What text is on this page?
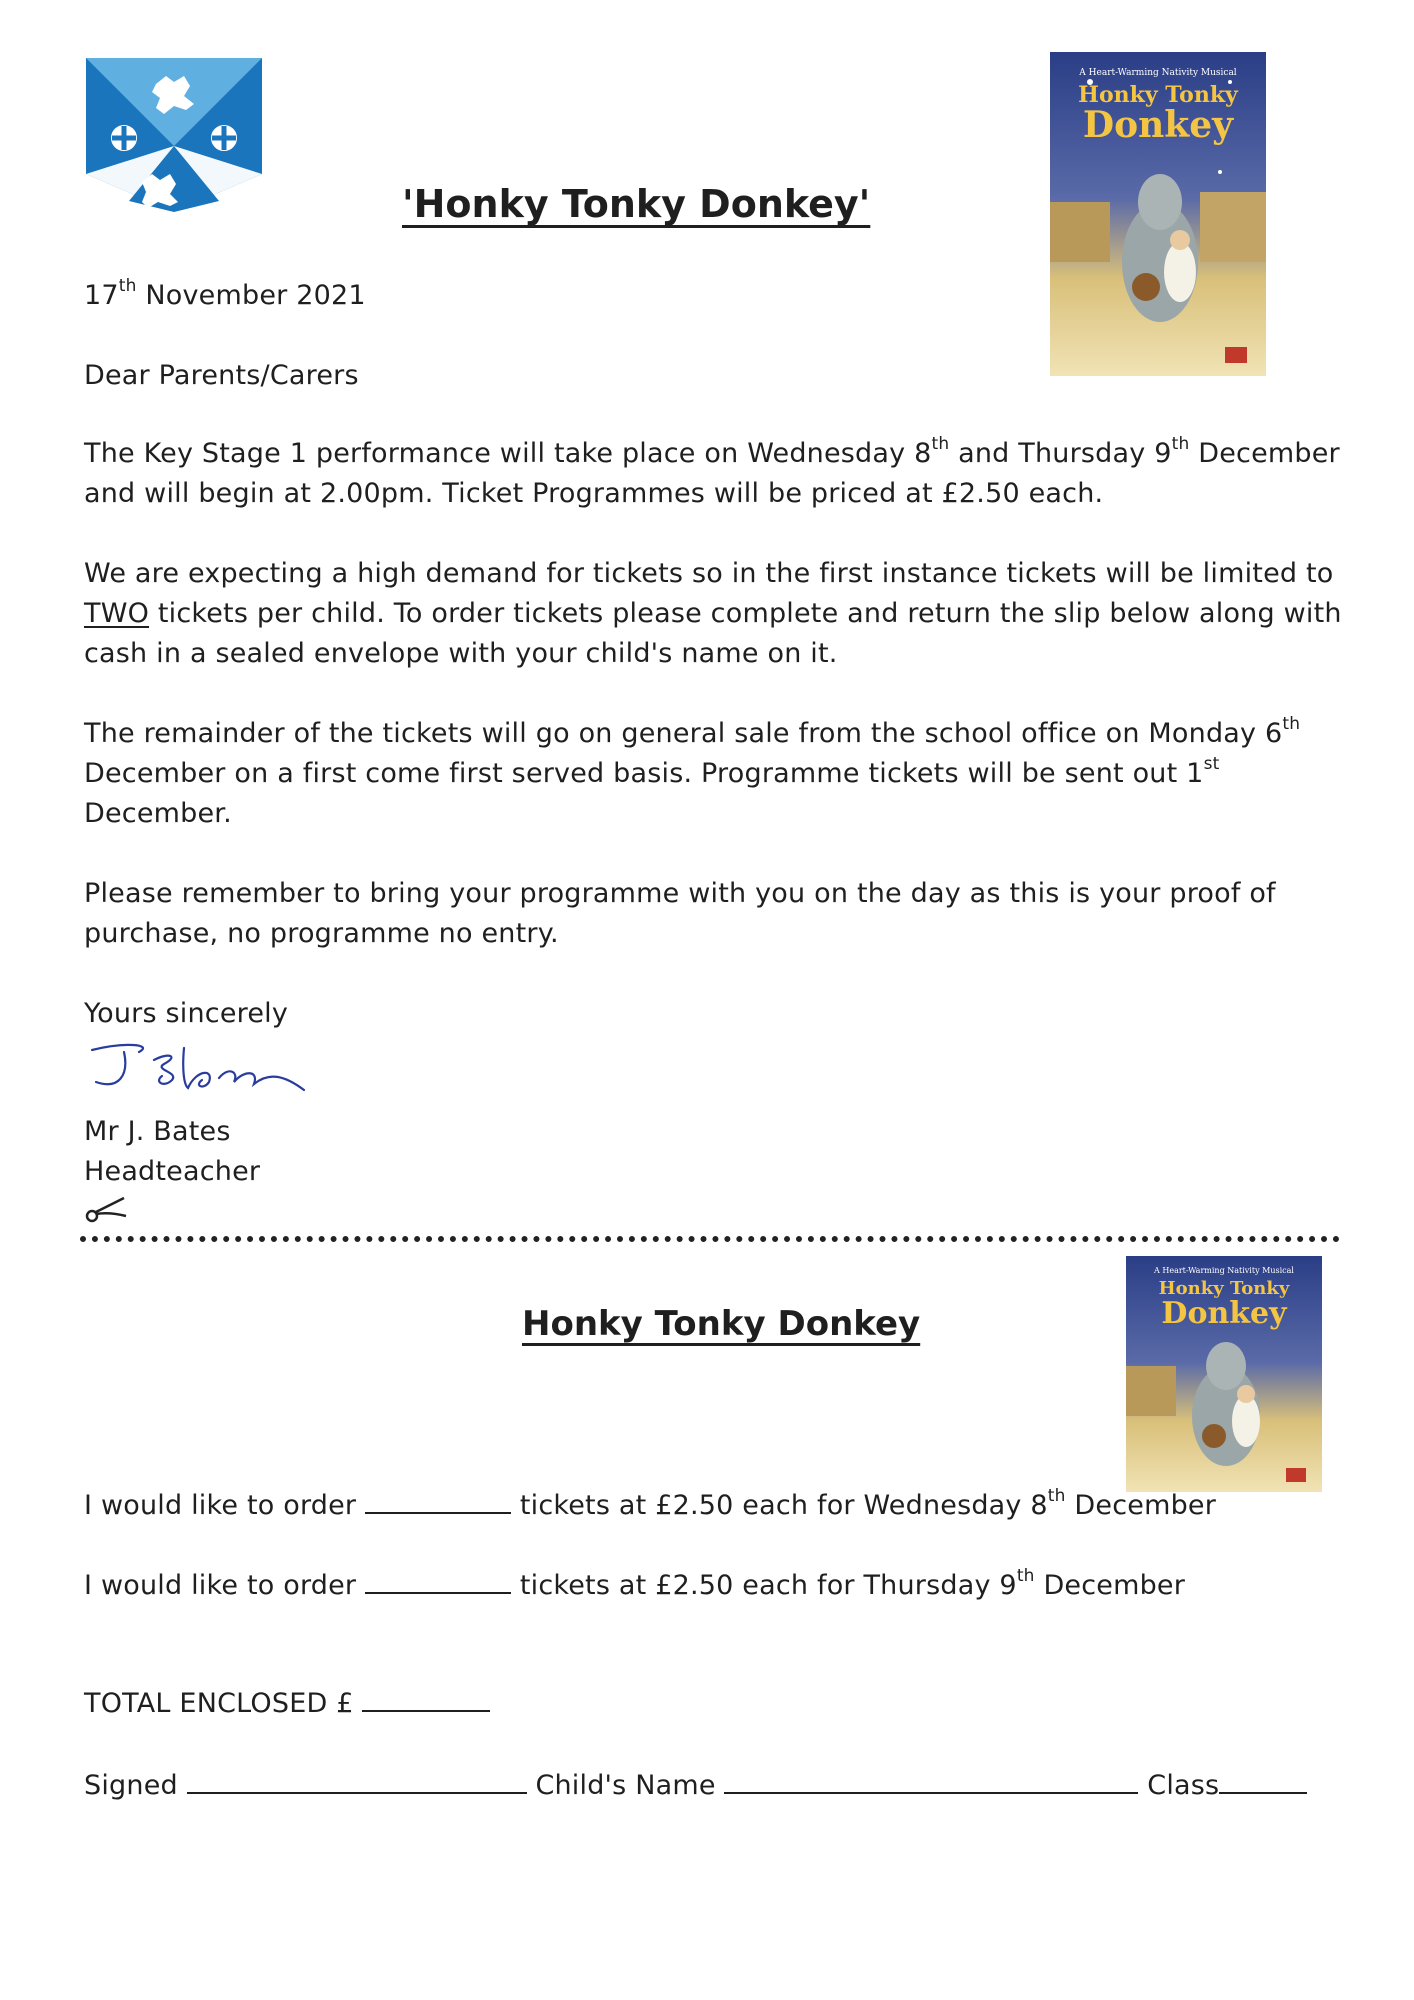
'Honky Tonky Donkey'
A Heart-Warming Nativity Musical
Honky Tonky
Donkey
17th November 2021
Dear Parents/Carers
The Key Stage 1 performance will take place on Wednesday 8th and Thursday 9th December
and will begin at 2.00pm. Ticket Programmes will be priced at £2.50 each.
We are expecting a high demand for tickets so in the first instance tickets will be limited to
TWO tickets per child. To order tickets please complete and return the slip below along with
cash in a sealed envelope with your child's name on it.
The remainder of the tickets will go on general sale from the school office on Monday 6th
December on a first come first served basis. Programme tickets will be sent out 1st
December.
Please remember to bring your programme with you on the day as this is your proof of
purchase, no programme no entry.
Yours sincerely
Mr J. Bates
Headteacher
A Heart-Warming Nativity Musical
Honky Tonky
Donkey
Honky Tonky Donkey
I would like to order	tickets at £2.50 each for Wednesday 8th December
I would like to order	tickets at £2.50 each for Thursday 9th December
TOTAL ENCLOSED £
Signed	Child's Name	Class
